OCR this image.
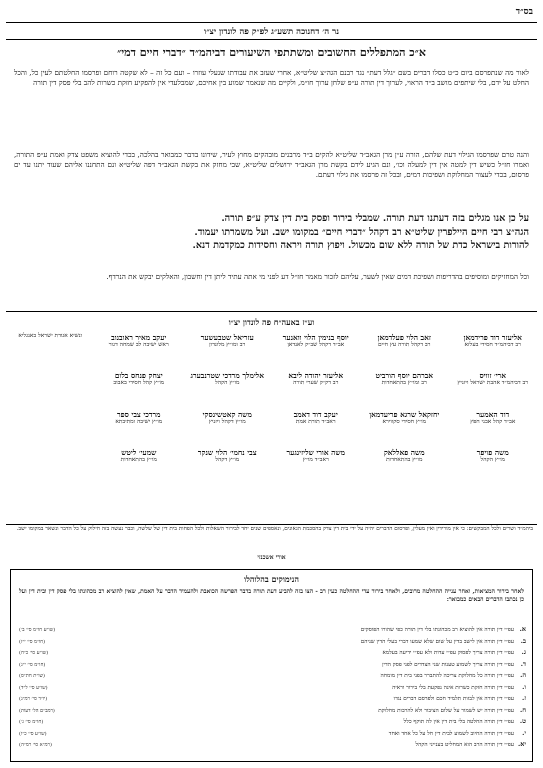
בס״ד
נר ה׳ דחנוכה תשע״ג לפ״ק פה לונדון יצ״ו
א״כ המתפללים החשובים ומשתתפי השיעורים דביהמ״ד ״דברי חיים דמי״

לאור מה שנתפרסם ביום כ״ט כסלו דברים בשם ״גלל דעת״ נגד רבנם הגה״צ שליט״א, אחרי שעזב את עבודתו שנעלי עוזרו – ועם כל זה – לא שקטה רוחם ופרסמו החלטתם לעין כל, והכל החלט על ידם, בלי שיתפים מושב ב״ד הראוי, לערוך דין תורה ע״פ שלחן ערוך חו״מ, ולקיים מה שנאמר שמוע בין אחיכם, שמבלעדי אין להפקיע חזקת כשרות להב בלי פסק דין תורה

והנה טרם שפרסמו הגילוי דעת שלהם, הורה ע״ן מרן הגאב״ד שליט״א להקים ב״ד מרבנים מובהקים מחוץ לעיר, שידונו בדבר כמבואר בהלכה, בכדי להוציא משפט צדק ואמת ע״פ התורה, ואמרו חז״ל כשיש דין למטה אין דין למעלה וכו׳, ונם הגיע לידם בקשת מרן הגאב״ד ירושלים שליט״א, שבי מחזק את בקשת הגאב״ד דפה שליט״א ונם התחננו אליהם שעוד יתנו עד ים פרסום, בכדי לעצור המחלוקת ושפיכות דמים, ובכל זה פרסמו את גילוי דעתם.

על כן אנו מגלים בזה דעתנו דעת תורה. שמבלי בירור ופסק בית דין צדק ע״פ תורה.
הגה״צ רבי חיים היילפרין שליט״א רב דקהל ״דברי חיים״ במקומו ישב. ועל משמרתו יעמוד.
להורות בישראל כדת של תורה ללא שום מכשול. ויפוץ תורה ויראה וחסידות כמקדמת דנא.

וכל המחזיקים ומוסיפים בהדריפות ושפיכת דמים שאין לשער, עליהם לזכור מאמר חז״ל דע לפני מי אתה עתיד ליתן דין וחשבון, והאלקים יבקש את הנרדף.

וע״ז באעה״ח פה לונדון יצ״ו
אליעזר דוד פרידמאן
רב דביהמ״ד חסידי בעלזא
זאב הלוי פעלדמאן
רב דקהל תורה עץ חיים
יוסף בנימין הלוי וואנער
אב״ד דקהל שב״ק לאנדאן
עזריאל שטבעשער
רב ומו״ץ מלונדון
יעקב מאיר ראובנוב
ראש ישיבה לב שמחה דגור
ונשיא אגודת ישראל באנגליא
ארי׳ זוויס
רב דביהמ״ד אהבת ישראל ויזניץ
אברהם יוסף הורביט
רב ומו״ץ בהתאחדות
אליעזר יהודה ליבא
רב דק״ק שערי תורה
אלימלך מרדכי שטרנבערג
מו״ץ הקהל
יצחק פנחס בלום
מו״ץ קהל חסידי באבוב
דוד האמער
אב״ד קהל אבני חפץ
יחזקאל שרגא פריעדמאן
מו״ץ חסידי סקווירא
יעקב דוד דאמב
ראב״ד תורת אמת
משה קאטשינסקי
מו״ץ דקהל ויזניץ
מרדכי צבי ספר
מו״ץ ישיבה ומתיבתא
משה פויפר
מו״ץ הקהל
משה פאללאק
מו״ץ בהתאחדות
משה אורי שליזינגער
ראב״ד מו״ץ
צבי נחמי׳ הלוי שנקר
מו״ץ דקהל
שמעי׳ ליטש
מו״ץ בהתאחדות

ביהמ״ד ושרים ולכל המבקשים: כי אין מורידין ואין מעלין, ופרסום הדברים יהיה על ידי בית דין צדק בהסכמת הגאונים, ונאספים שנים יחד לבירור השאלות ולכל הפחות בית דין של שלשה, וכבר נעשה בזה חילוק על כל הדבר ונשאר במקומו ישב.

אורי אשכנזי
הנימוקים בהלוהלו

לאחר בירור המציאות, ואחר ענייה ההחלטה מרובים, ולאחר בירור עדי ההחלטה כעין רב - הצו בזה להביע דעת תורה בדבר הפרשה הכואבת ולהעמיד הדבר על האמת, שאין להוציא רב מכהונתו בלי פסק דין ובית דין ועל כן נכתבו הדברים הבאים כמבואר:

א.
עפ״י דין תורה אין להוציא רב מכהונתו בלי דין תורה כפי שהורו הפוסקים
(שו״ע חו״מ סי׳ ב׳)
ב.
עפ״י דין תורה אין לישב בדין על שום שלא שמעו דברי בעלי הדין שניהם
(חו״מ סי׳ י״ז)
ג.
עפ״י דין תורה צריך לפסוק עפ״י עדות ולא עפ״י ידיעה בעלמא
(שו״ע סי׳ כ״ח)
ד.
עפ״י דין תורה צריך לשמוע טענות שני הצדדים לפני פסק הדין
(חו״מ סי׳ י״ג)
ה.
עפ״י דין תורה כל מחלוקת צריכה להתברר בפני בית דין מומחה
(שו״ת חת״ס)
ו.
עפ״י דין תורה חזקת כשרות אינה נפקעת בלי בירור וראיה
(שו״ע סי׳ ל״ד)
ז.
עפ״י דין תורה אין לבזות תלמיד חכם ולפרסם דברים נגדו
(יו״ד סי׳ רמ״ג)
ח.
עפ״י דין תורה יש לשמור על שלום הציבור ולא להרבות מחלוקת
(רמב״ם הל׳ דעות)
ט.
עפ״י דין תורה החלטה בלי בית דין אין לה תוקף כלל
(חו״מ סי׳ ג׳)
י.
עפ״י דין תורה החיוב לשמוע לבית דין חל על כל אחד ואחד
(שו״ע סי׳ כ״ו)
יא.
עפ״י דין תורה הרב הוא המחליט בענייני הקהל
(רמ״א סי׳ רמ״ה)
